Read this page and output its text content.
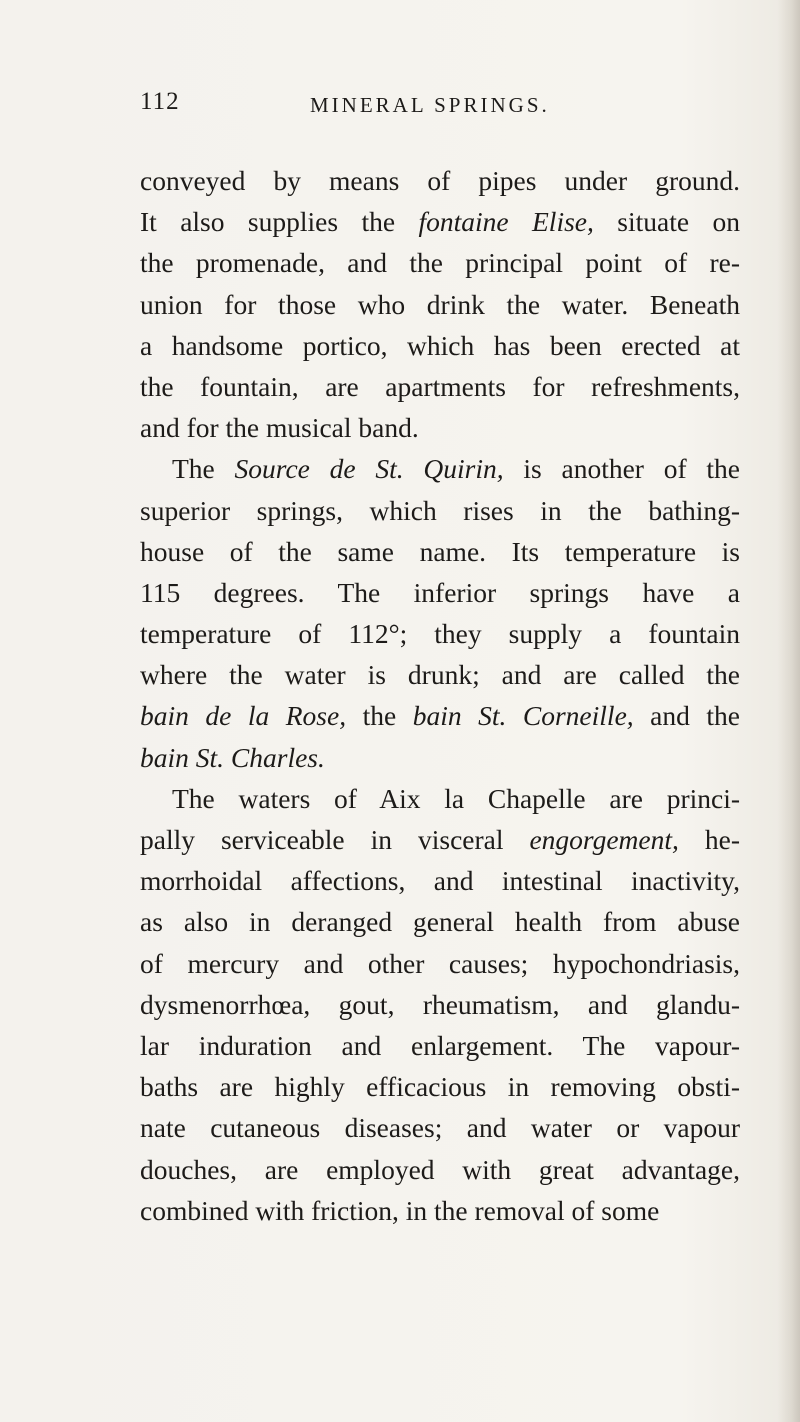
112	MINERAL SPRINGS.
conveyed by means of pipes under ground.
It also supplies the fontaine Elise, situate on
the promenade, and the principal point of re-
union for those who drink the water. Beneath
a handsome portico, which has been erected at
the fountain, are apartments for refreshments,
and for the musical band.
The Source de St. Quirin, is another of the
superior springs, which rises in the bathing-
house of the same name. Its temperature is
115 degrees. The inferior springs have a
temperature of 112°; they supply a fountain
where the water is drunk; and are called the
bain de la Rose, the bain St. Corneille, and the
bain St. Charles.
The waters of Aix la Chapelle are princi-
pally serviceable in visceral engorgement, he-
morrhoidal affections, and intestinal inactivity,
as also in deranged general health from abuse
of mercury and other causes; hypochondriasis,
dysmenorrhœa, gout, rheumatism, and glandu-
lar induration and enlargement. The vapour-
baths are highly efficacious in removing obsti-
nate cutaneous diseases; and water or vapour
douches, are employed with great advantage,
combined with friction, in the removal of some
